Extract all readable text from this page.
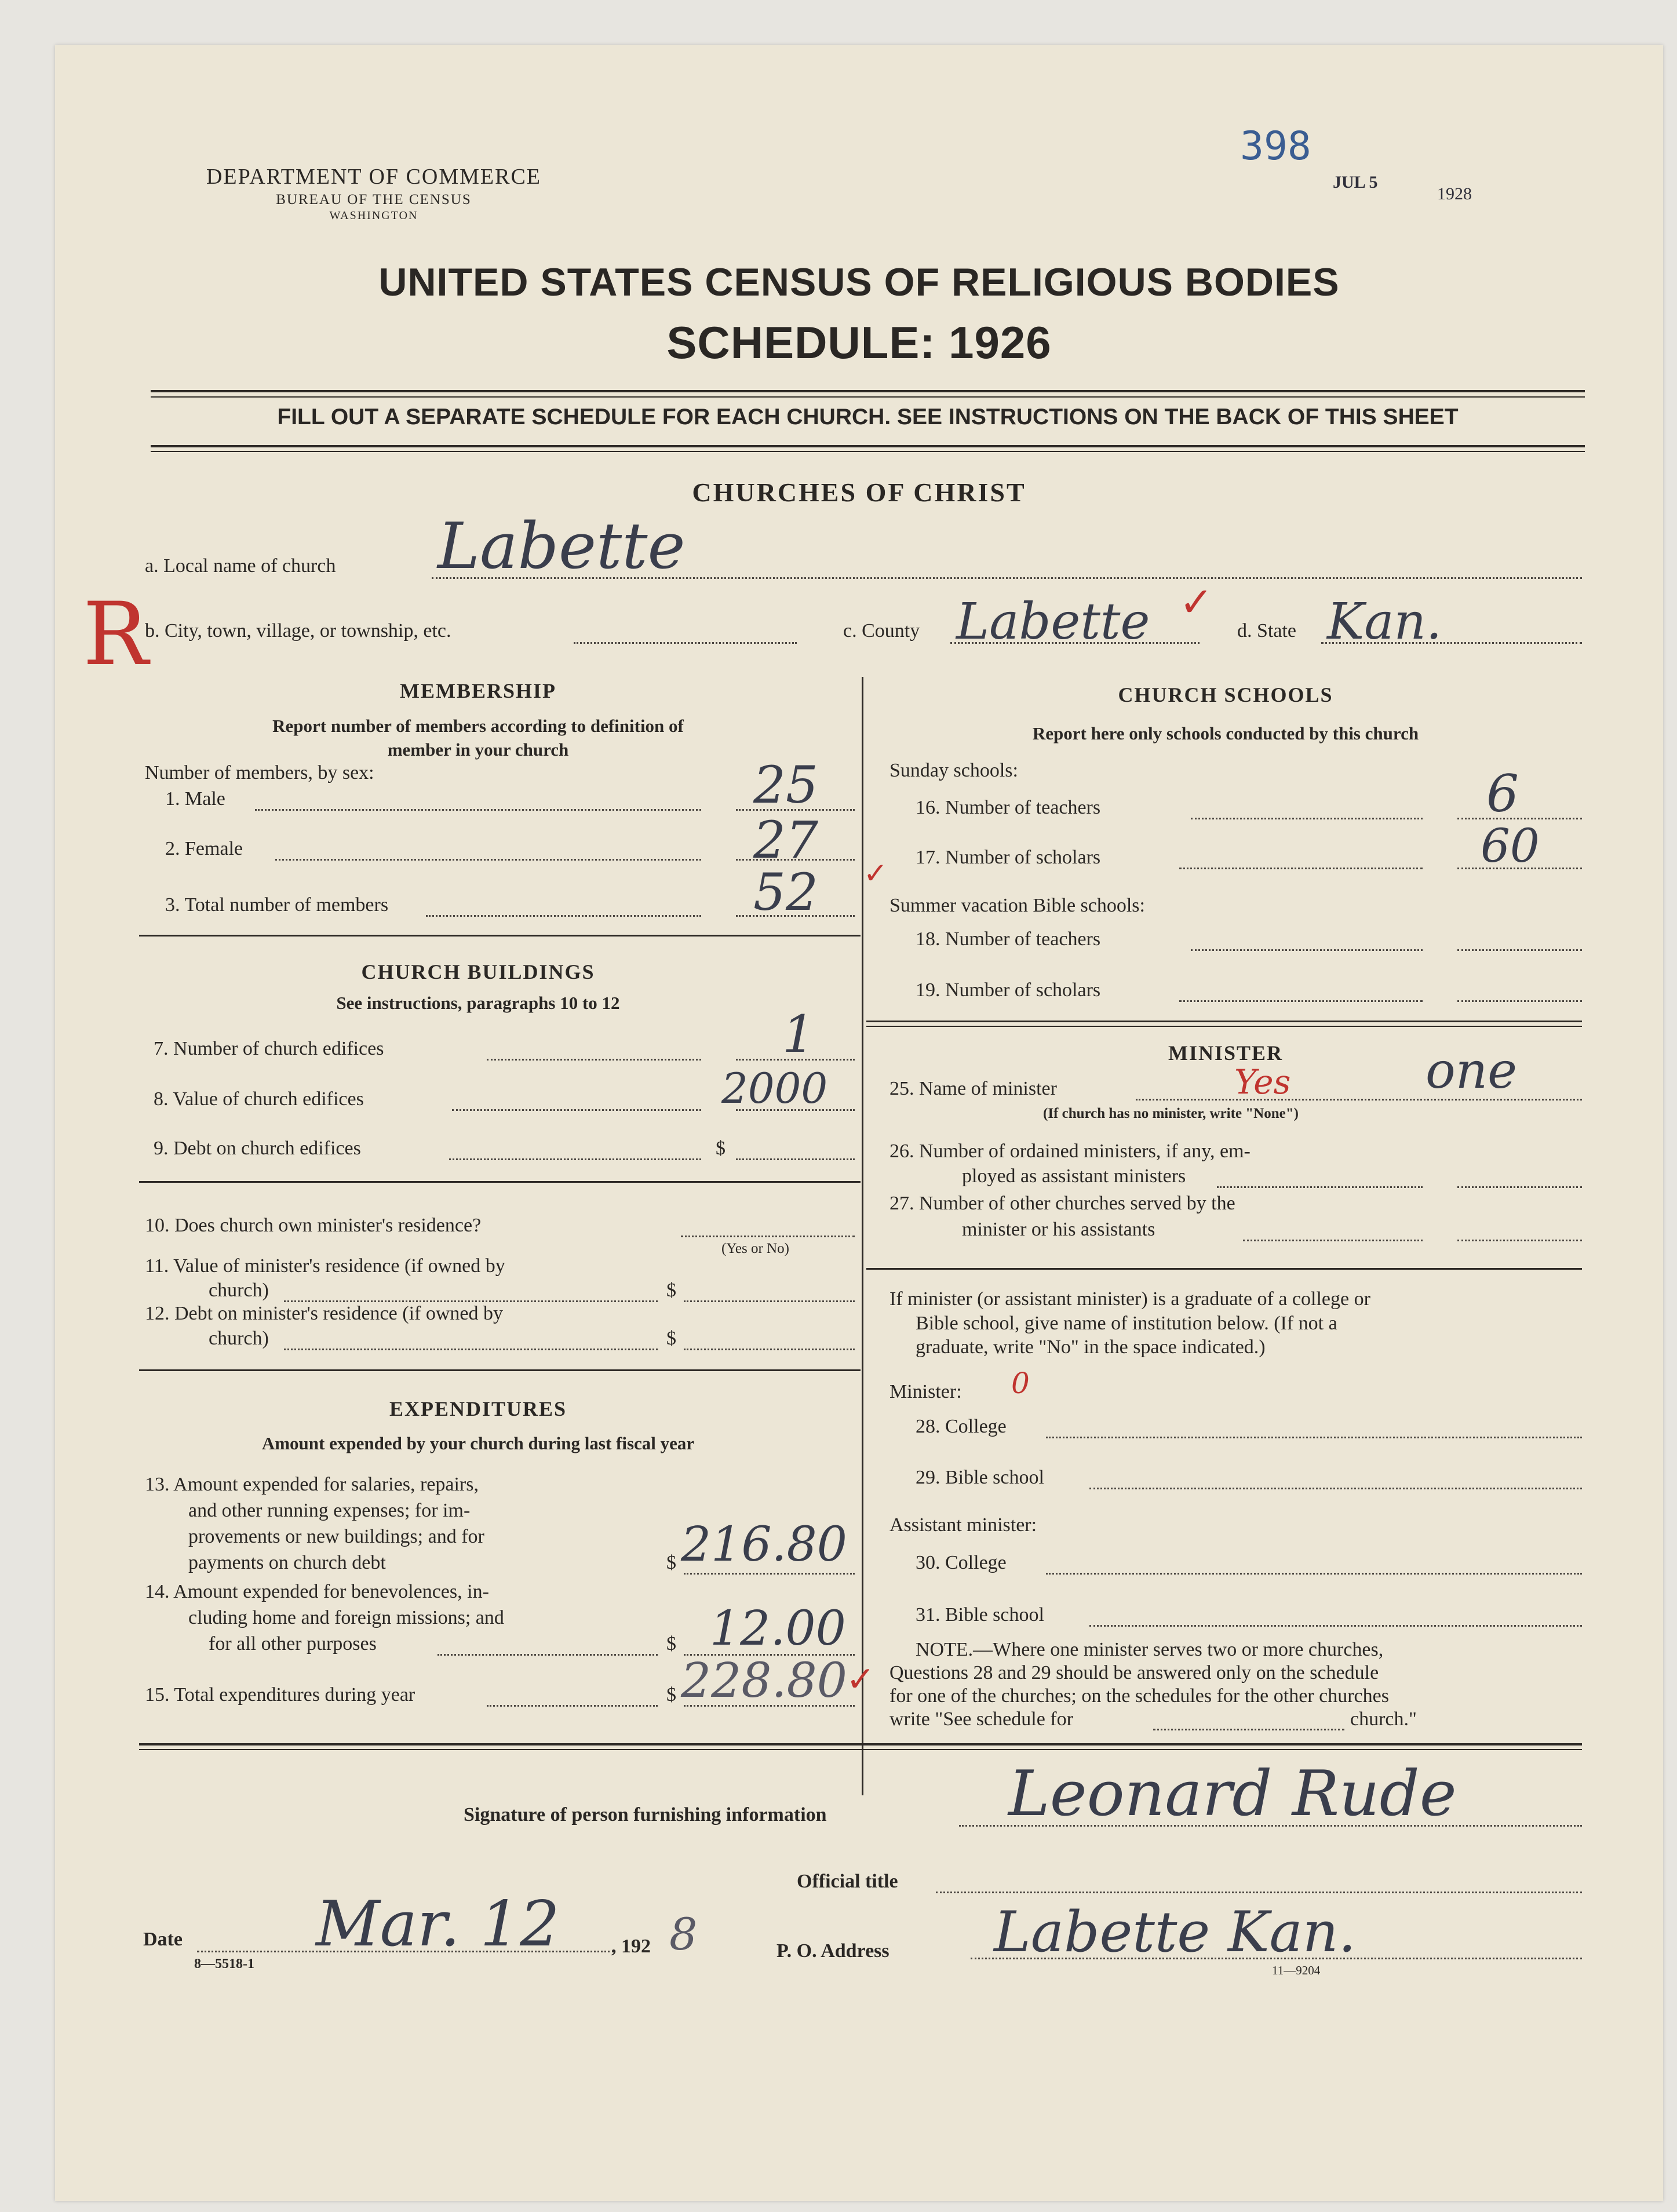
DEPARTMENT OF COMMERCE
BUREAU OF THE CENSUS
WASHINGTON
398
JUL 5
1928
UNITED STATES CENSUS OF RELIGIOUS BODIES
SCHEDULE: 1926
FILL OUT A SEPARATE SCHEDULE FOR EACH CHURCH. SEE INSTRUCTIONS ON THE BACK OF THIS SHEET
CHURCHES OF CHRIST
a. Local name of church Labette
R
b. City, town, village, or township, etc.	c. County Labette ✓
d. State Kan.
MEMBERSHIP
Report number of members according to definition of
member in your church
Number of members, by sex:
1. Male	25
2. Female	27
3. Total number of members	52 ✓
CHURCH BUILDINGS
See instructions, paragraphs 10 to 12
7. Number of church edifices	1
8. Value of church edifices	2000
9. Debt on church edifices	$
10. Does church own minister's residence?
(Yes or No)
11. Value of minister's residence (if owned by
church)	$
12. Debt on minister's residence (if owned by
church)	$
EXPENDITURES
Amount expended by your church during last fiscal year
13. Amount expended for salaries, repairs,
and other running expenses; for im-
provements or new buildings; and for
payments on church debt	$ 216.80
14. Amount expended for benevolences, in-
cluding home and foreign missions; and
for all other purposes	$ 12.00
15. Total expenditures during year	$ 228.80
✓
CHURCH SCHOOLS
Report here only schools conducted by this church
Sunday schools:
16. Number of teachers	6
17. Number of scholars	60
Summer vacation Bible schools:
18. Number of teachers
19. Number of scholars
MINISTER
25. Name of minister	Yes	one
(If church has no minister, write "None")
26. Number of ordained ministers, if any, em-
ployed as assistant ministers
27. Number of other churches served by the
minister or his assistants
If minister (or assistant minister) is a graduate of a college or
Bible school, give name of institution below. (If not a
graduate, write "No" in the space indicated.)
Minister: 0
28. College
29. Bible school
Assistant minister:
30. College
31. Bible school
NOTE.—Where one minister serves two or more churches,
Questions 28 and 29 should be answered only on the schedule
for one of the churches; on the schedules for the other churches
write "See schedule for	church."
Signature of person furnishing information	Leonard Rude
Official title
Date
8—5518-1
Mar. 12	, 192 8	P. O. Address Labette Kan.
11—9204
